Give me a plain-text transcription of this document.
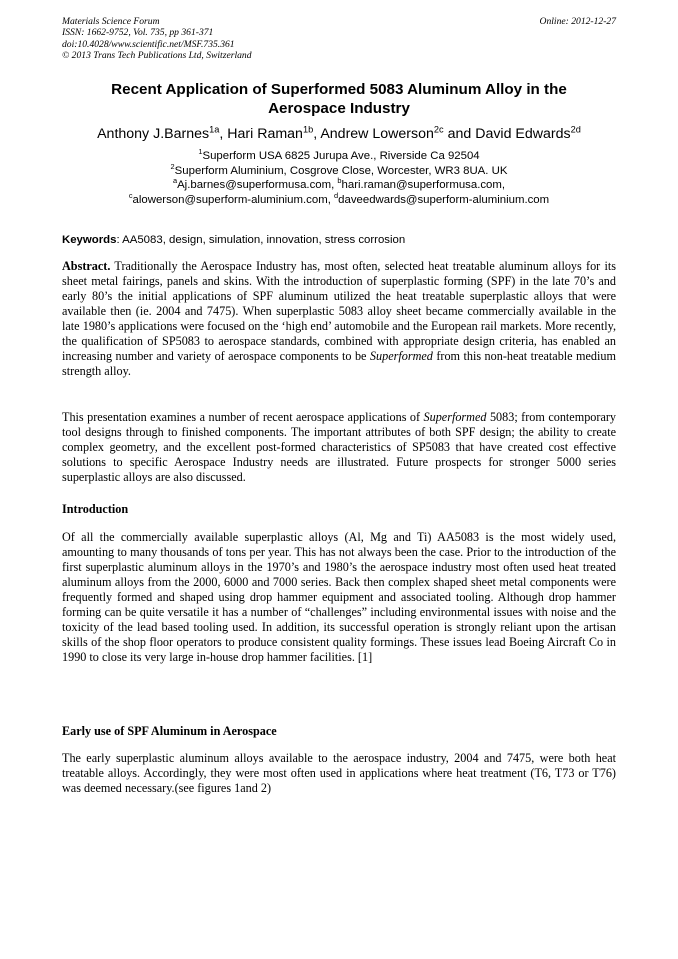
Materials Science Forum
ISSN: 1662-9752, Vol. 735, pp 361-371
doi:10.4028/www.scientific.net/MSF.735.361
© 2013 Trans Tech Publications Ltd, Switzerland
Online: 2012-12-27
Recent Application of Superformed 5083 Aluminum Alloy in the
Aerospace Industry
Anthony J.Barnes$^{1a}$, Hari Raman$^{1b}$, Andrew Lowerson$^{2c}$ and David Edwards$^{2d}$
$^1$Superform USA 6825 Jurupa Ave., Riverside Ca 92504
$^2$Superform Aluminium, Cosgrove Close, Worcester, WR3 8UA. UK
$^a$Aj.barnes@superformusa.com, $^b$hari.raman@superformusa.com,
$^c$alowerson@superform-aluminium.com, $^d$daveedwards@superform-aluminium.com
Keywords: AA5083, design, simulation, innovation, stress corrosion
Abstract. Traditionally the Aerospace Industry has, most often, selected heat treatable aluminum alloys for its sheet metal fairings, panels and skins. With the introduction of superplastic forming (SPF) in the late 70’s and early 80’s the initial applications of SPF aluminum utilized the heat treatable superplastic alloys that were available then (ie. 2004 and 7475). When superplastic 5083 alloy sheet became commercially available in the late 1980’s applications were focused on the ‘high end’ automobile and the European rail markets. More recently, the qualification of SP5083 to aerospace standards, combined with appropriate design criteria, has enabled an increasing number and variety of aerospace components to be Superformed from this non-heat treatable medium strength alloy.
This presentation examines a number of recent aerospace applications of Superformed 5083; from contemporary tool designs through to finished components. The important attributes of both SPF design; the ability to create complex geometry, and the excellent post-formed characteristics of SP5083 that have created cost effective solutions to specific Aerospace Industry needs are illustrated. Future prospects for stronger 5000 series superplastic alloys are also discussed.
Introduction
Of all the commercially available superplastic alloys (Al, Mg and Ti) AA5083 is the most widely used, amounting to many thousands of tons per year. This has not always been the case. Prior to the introduction of the first superplastic aluminum alloys in the 1970’s and 1980’s the aerospace industry most often used heat treated aluminum alloys from the 2000, 6000 and 7000 series. Back then complex shaped sheet metal components were frequently formed and shaped using drop hammer equipment and associated tooling. Although drop hammer forming can be quite versatile it has a number of “challenges” including environmental issues with noise and the toxicity of the lead based tooling used. In addition, its successful operation is strongly reliant upon the artisan skills of the shop floor operators to produce consistent quality formings. These issues lead Boeing Aircraft Co in 1990 to close its very large in-house drop hammer facilities. [1]
Early use of SPF Aluminum in Aerospace
The early superplastic aluminum alloys available to the aerospace industry, 2004 and 7475, were both heat treatable alloys. Accordingly, they were most often used in applications where heat treatment (T6, T73 or T76) was deemed necessary.(see figures 1and 2)
